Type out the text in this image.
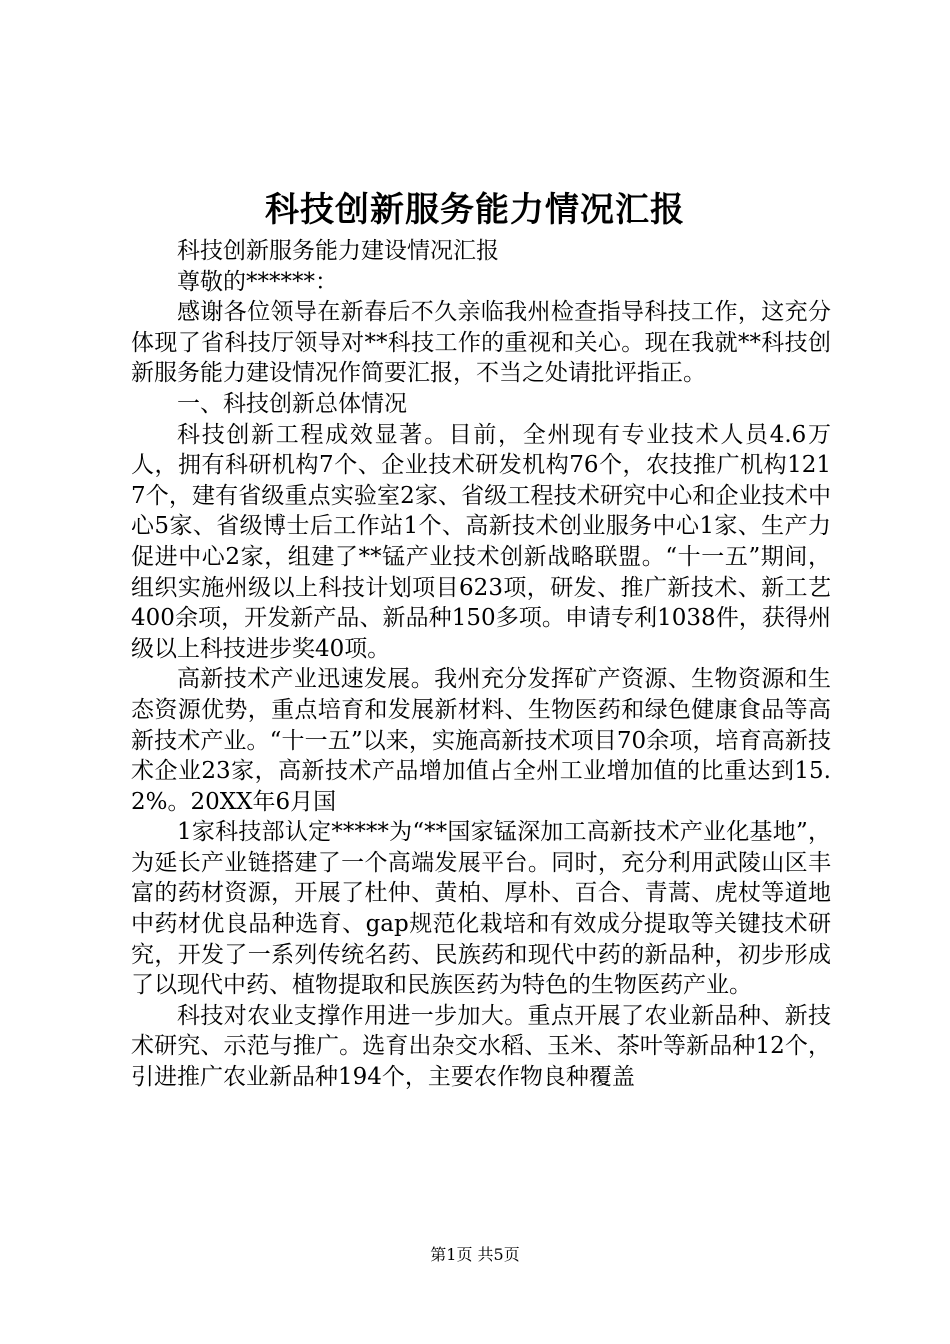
科技创新服务能力情况汇报

科技创新服务能力建设情况汇报

尊敬的******：

感谢各位领导在新春后不久亲临我州检查指导科技工作，这充分体现了省科技厅领导对**科技工作的重视和关心。现在我就**科技创新服务能力建设情况作简要汇报，不当之处请批评指正。

一、科技创新总体情况

科技创新工程成效显著。目前，全州现有专业技术人员4.6万人，拥有科研机构7个、企业技术研发机构76个，农技推广机构1217个，建有省级重点实验室2家、省级工程技术研究中心和企业技术中心5家、省级博士后工作站1个、高新技术创业服务中心1家、生产力促进中心2家，组建了**锰产业技术创新战略联盟。“十一五”期间，组织实施州级以上科技计划项目623项，研发、推广新技术、新工艺400余项，开发新产品、新品种150多项。申请专利1038件，获得州级以上科技进步奖40项。

高新技术产业迅速发展。我州充分发挥矿产资源、生物资源和生态资源优势，重点培育和发展新材料、生物医药和绿色健康食品等高新技术产业。“十一五”以来，实施高新技术项目70余项，培育高新技术企业23家，高新技术产品增加值占全州工业增加值的比重达到15.2%。20XX年6月国

1家科技部认定*****为“**国家锰深加工高新技术产业化基地”，为延长产业链搭建了一个高端发展平台。同时，充分利用武陵山区丰富的药材资源，开展了杜仲、黄柏、厚朴、百合、青蒿、虎杖等道地中药材优良品种选育、gap规范化栽培和有效成分提取等关键技术研究，开发了一系列传统名药、民族药和现代中药的新品种，初步形成了以现代中药、植物提取和民族医药为特色的生物医药产业。

科技对农业支撑作用进一步加大。重点开展了农业新品种、新技术研究、示范与推广。选育出杂交水稻、玉米、茶叶等新品种12个，引进推广农业新品种194个，主要农作物良种覆盖

第1页 共5页
